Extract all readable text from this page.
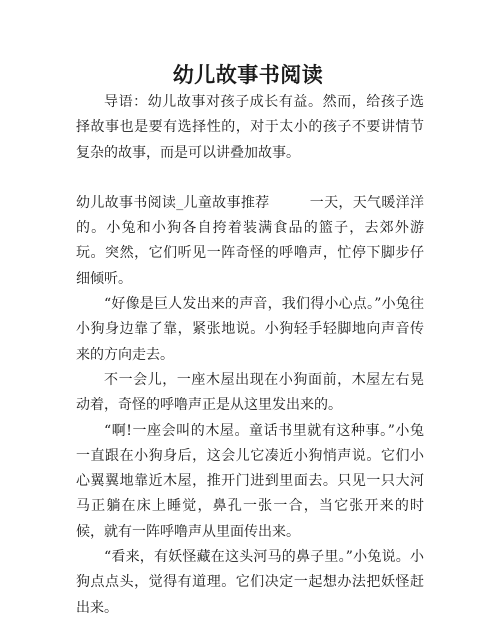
幼儿故事书阅读

导语：幼儿故事对孩子成长有益。然而，给孩子选择故事也是要有选择性的，对于太小的孩子不要讲情节复杂的故事，而是可以讲叠加故事。

幼儿故事书阅读_儿童故事推荐	一天，天气暖洋洋的。小兔和小狗各自挎着装满食品的篮子，去郊外游玩。突然，它们听见一阵奇怪的呼噜声，忙停下脚步仔细倾听。

“好像是巨人发出来的声音，我们得小心点。”小兔往小狗身边靠了靠，紧张地说。小狗轻手轻脚地向声音传来的方向走去。

不一会儿，一座木屋出现在小狗面前，木屋左右晃动着，奇怪的呼噜声正是从这里发出来的。

“啊!一座会叫的木屋。童话书里就有这种事。”小兔一直跟在小狗身后，这会儿它凑近小狗悄声说。它们小心翼翼地靠近木屋，推开门进到里面去。只见一只大河马正躺在床上睡觉，鼻孔一张一合，当它张开来的时候，就有一阵呼噜声从里面传出来。

“看来，有妖怪藏在这头河马的鼻子里。”小兔说。小狗点点头，觉得有道理。它们决定一起想办法把妖怪赶出来。
